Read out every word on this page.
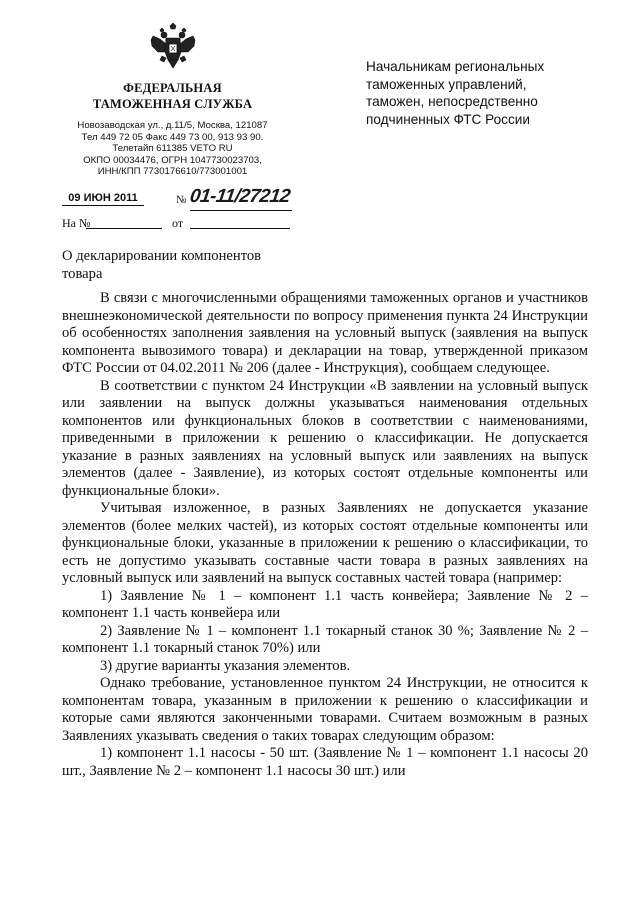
ФЕДЕРАЛЬНАЯ
ТАМОЖЕННАЯ СЛУЖБА
Новозаводская ул., д.11/5, Москва, 121087
Тел 449 72 05 Факс 449 73 00, 913 93 90.
Телетайп 611385 VETO RU
ОКПО 00034476, ОГРН 1047730023703,
ИНН/КПП 7730176610/773001001
09 ИЮН 2011	№ 01-11/27212
На №	от
Начальникам региональных
таможенных управлений,
таможен, непосредственно
подчиненных ФТС России
О декларировании компонентов
товара

В связи с многочисленными обращениями таможенных органов и участников внешнеэкономической деятельности по вопросу применения пункта 24 Инструкции об особенностях заполнения заявления на условный выпуск (заявления на выпуск компонента вывозимого товара) и декларации на товар, утвержденной приказом ФТС России от 04.02.2011 № 206 (далее - Инструкция), сообщаем следующее.

В соответствии с пунктом 24 Инструкции «В заявлении на условный выпуск или заявлении на выпуск должны указываться наименования отдельных компонентов или функциональных блоков в соответствии с наименованиями, приведенными в приложении к решению о классификации. Не допускается указание в разных заявлениях на условный выпуск или заявлениях на выпуск элементов (далее - Заявление), из которых состоят отдельные компоненты или функциональные блоки».

Учитывая изложенное, в разных Заявлениях не допускается указание элементов (более мелких частей), из которых состоят отдельные компоненты или функциональные блоки, указанные в приложении к решению о классификации, то есть не допустимо указывать составные части товара в разных заявлениях на условный выпуск или заявлений на выпуск составных частей товара (например:

1) Заявление № 1 – компонент 1.1 часть конвейера; Заявление № 2 – компонент 1.1 часть конвейера или

2) Заявление № 1 – компонент 1.1 токарный станок 30 %; Заявление № 2 – компонент 1.1 токарный станок 70%) или

3) другие варианты указания элементов.

Однако требование, установленное пунктом 24 Инструкции, не относится к компонентам товара, указанным в приложении к решению о классификации и которые сами являются законченными товарами. Считаем возможным в разных Заявлениях указывать сведения о таких товарах следующим образом:

1) компонент 1.1 насосы - 50 шт. (Заявление № 1 – компонент 1.1 насосы 20 шт., Заявление № 2 – компонент 1.1 насосы 30 шт.) или
